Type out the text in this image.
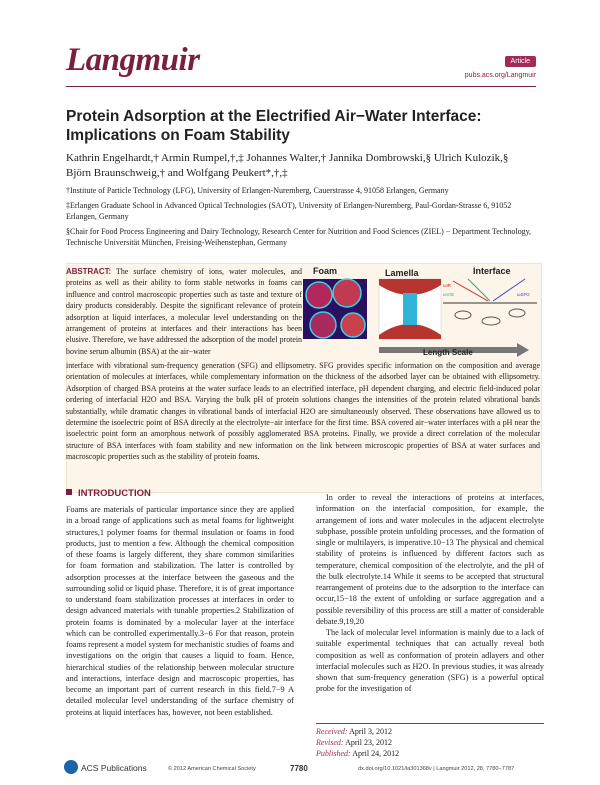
Langmuir	Article
pubs.acs.org/Langmuir
Protein Adsorption at the Electrified Air−Water Interface: Implications on Foam Stability
Kathrin Engelhardt,† Armin Rumpel,†,‡ Johannes Walter,† Jannika Dombrowski,§ Ulrich Kulozik,§
Björn Braunschweig,† and Wolfgang Peukert*,†,‡
†Institute of Particle Technology (LFG), University of Erlangen-Nuremberg, Cauerstrasse 4, 91058 Erlangen, Germany
‡Erlangen Graduate School in Advanced Optical Technologies (SAOT), University of Erlangen-Nuremberg, Paul-Gordan-Strasse 6, 91052 Erlangen, Germany
§Chair for Food Process Engineering and Dairy Technology, Research Center for Nutrition and Food Sciences (ZIEL) − Department Technology, Technische Universität München, Freising-Weihenstephan, Germany
ABSTRACT: The surface chemistry of ions, water molecules, and proteins as well as their ability to form stable networks in foams can influence and control macroscopic properties such as taste and texture of dairy products considerably. Despite the significant relevance of protein adsorption at liquid interfaces, a molecular level understanding on the arrangement of proteins at interfaces and their interactions has been elusive. Therefore, we have addressed the adsorption of the model protein bovine serum albumin (BSA) at the air−water
interface with vibrational sum-frequency generation (SFG) and ellipsometry. SFG provides specific information on the composition and average orientation of molecules at interfaces, while complementary information on the thickness of the adsorbed layer can be obtained with ellipsometry. Adsorption of charged BSA proteins at the water surface leads to an electrified interface, pH dependent charging, and electric field-induced polar ordering of interfacial H2O and BSA. Varying the bulk pH of protein solutions changes the intensities of the protein related vibrational bands substantially, while dramatic changes in vibrational bands of interfacial H2O are simultaneously observed. These observations have allowed us to determine the isoelectric point of BSA directly at the electrolyte−air interface for the first time. BSA covered air−water interfaces with a pH near the isoelectric point form an amorphous network of possibly agglomerated BSA proteins. Finally, we provide a direct correlation of the molecular structure of BSA interfaces with foam stability and new information on the link between microscopic properties of BSA at water surfaces and macroscopic properties such as the stability of protein foams.
Foam	Lamella	Interface
ωIR
ωVIS	ωSFG
Length Scale
INTRODUCTION
Foams are materials of particular importance since they are applied in a broad range of applications such as metal foams for lightweight structures,1 polymer foams for thermal insulation or foams in food products, just to mention a few. Although the chemical composition of these foams is largely different, they share common similarities for foam formation and stabilization. The latter is controlled by adsorption processes at the interface between the gaseous and the surrounding solid or liquid phase. Therefore, it is of great importance to understand foam stabilization processes at interfaces in order to design advanced materials with tunable properties.2 Stabilization of protein foams is dominated by a molecular layer at the interface which can be controlled experimentally.3−6 For that reason, protein foams represent a model system for mechanistic studies of foams and investigations on the origin that causes a liquid to foam. Hence, hierarchical studies of the relationship between molecular structure and interactions, interface design and macroscopic properties, has become an important part of current research in this field.7−9 A detailed molecular level understanding of the surface chemistry of proteins at liquid interfaces has, however, not been established.
In order to reveal the interactions of proteins at interfaces, information on the interfacial composition, for example, the arrangement of ions and water molecules in the adjacent electrolyte subphase, possible protein unfolding processes, and the formation of single or multilayers, is imperative.10−13 The physical and chemical stability of proteins is influenced by different factors such as temperature, chemical composition of the electrolyte, and the pH of the bulk electrolyte.14 While it seems to be accepted that structural rearrangement of proteins due to the adsorption to the interface can occur,15−18 the extent of unfolding or surface aggregation and a possible reversibility of this process are still a matter of considerable debate.9,19,20
The lack of molecular level information is mainly due to a lack of suitable experimental techniques that can actually reveal both composition as well as conformation of protein adlayers and other interfacial molecules such as H2O. In previous studies, it was already shown that sum-frequency generation (SFG) is a powerful optical probe for the investigation of
Received: April 3, 2012
Revised: April 23, 2012
Published: April 24, 2012
ACS Publications	© 2012 American Chemical Society	7780	dx.doi.org/10.1021/la301368v | Langmuir 2012, 28, 7780−7787
